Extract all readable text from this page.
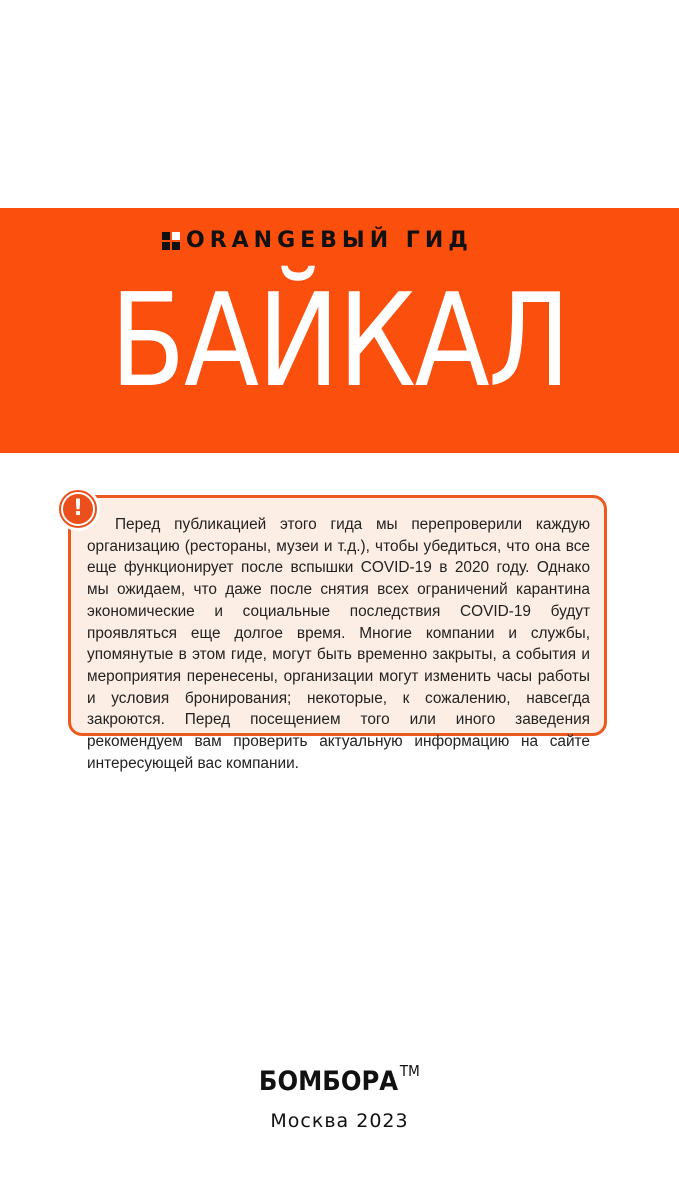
ORANGEВЫЙ ГИД
БАЙКАЛ

Перед публикацией этого гида мы перепроверили каждую организацию (рестораны, музеи и т.д.), чтобы убедиться, что она все еще функционирует после вспышки COVID-19 в 2020 году. Однако мы ожидаем, что даже после снятия всех ограничений карантина экономические и социальные последствия COVID-19 будут проявляться еще долгое время. Многие компании и службы, упомянутые в этом гиде, могут быть временно закрыты, а события и мероприятия перенесены, организации могут изменить часы работы и условия бронирования; некоторые, к сожалению, навсегда закроются. Перед посещением того или иного заведения рекомендуем вам проверить актуальную информацию на сайте интересующей вас компании.

!
БОМБОРА ™
Москва 2023
